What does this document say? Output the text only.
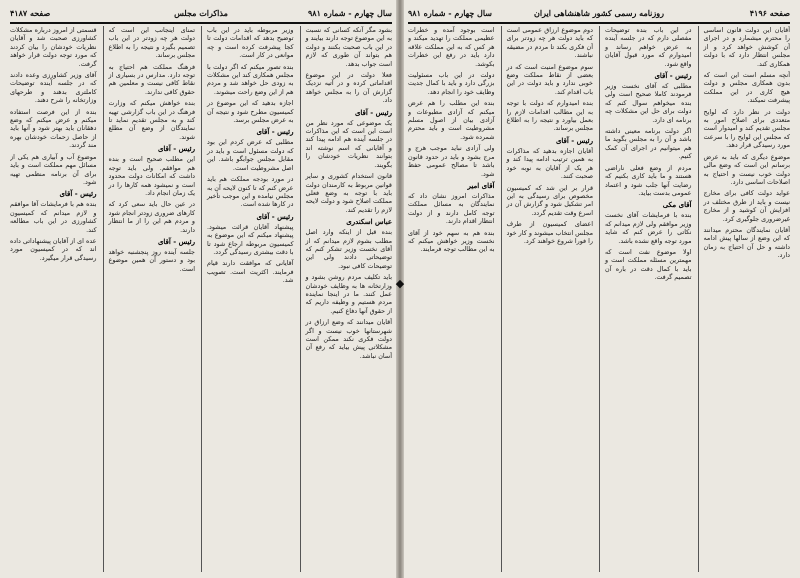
صفحه ۴۱۸۷	مذاکرات مجلس	سال چهارم - شماره ۹۸۱

بشود مگر آنکه کسانی که نسبت به این موضوع توجه دارند بیایند و در این باب صحبت بکنند و دولت هم بتواند آن طوری که لازم است جواب بدهد.

فعلا دولت در این موضوع اقداماتی کرده و در آتیه نزدیک گزارش آن را به مجلس خواهد داد.

رئیس - آقای

یک موضوعی که مورد نظر من است این است که این مذاکرات در جلسه آینده هم ادامه پیدا کند و آقایانی که اسم نوشته اند بتوانند نظریات خودشان را بگویند.

قانون استخدام کشوری و سایر قوانین مربوط به کارمندان دولت باید با توجه به وضع فعلی مملکت اصلاح شود و دولت لایحه لازم را تقدیم کند.

عباس اسکندری

بنده قبل از اینکه وارد اصل مطلب بشوم لازم میدانم که از آقای نخست وزیر تشکر کنم که توضیحاتی دادند ولی این توضیحات کافی نبود.

باید تکلیف مردم روشن بشود و وزارتخانه ها به وظایف خودشان عمل کنند. ما در اینجا نماینده مردم هستیم و وظیفه داریم که از حقوق آنها دفاع کنیم.

آقایان میدانند که وضع ارزاق در شهرستانها خوب نیست و اگر دولت فکری نکند ممکن است مشکلاتی پیش بیاید که رفع آن آسان نباشد.

وزیر مربوطه باید در این باب توضیح بدهد که اقدامات دولت تا کجا پیشرفت کرده است و چه موانعی در کار است.

بنده تصور میکنم که اگر دولت با مجلس همکاری کند این مشکلات به زودی حل خواهد شد و مردم هم از این وضع راحت میشوند.

اجازه بدهید که این موضوع در کمیسیون مطرح شود و نتیجه آن به عرض مجلس برسد.

رئیس - آقای

مطلبی که عرض کردم این بود که دولت مسئول است و باید در مقابل مجلس جوابگو باشد. این اصل مشروطیت است.

در مورد بودجه مملکت هم باید عرض کنم که تا کنون لایحه آن به مجلس نیامده و این موجب تأخیر در کارها شده است.

رئیس - آقای

پیشنهاد آقایان قرائت میشود. پیشنهاد میکنم که این موضوع به کمیسیون مربوطه ارجاع شود تا با دقت بیشتری رسیدگی گردد.

آقایانی که موافقت دارند قیام فرمایند. اکثریت است. تصویب شد.

تمنای اینجانب این است که دولت هر چه زودتر در این باب تصمیم بگیرد و نتیجه را به اطلاع مجلس برساند.

فرهنگ مملکت هم احتیاج به توجه دارد. مدارس در بسیاری از نقاط کافی نیست و معلمین هم حقوق کافی ندارند.

بنده خواهش میکنم که وزارت فرهنگ در این باب گزارشی تهیه کند و به مجلس تقدیم نماید تا نمایندگان از وضع آن مطلع شوند.

رئیس - آقای

این مطلب صحیح است و بنده هم موافقم. ولی باید توجه داشت که امکانات دولت محدود است و نمیشود همه کارها را در یک زمان انجام داد.

در عین حال باید سعی کرد که کارهای ضروری زودتر انجام شود و مردم هم این را از ما انتظار دارند.

رئیس - آقای

جلسه آینده روز پنجشنبه خواهد بود و دستور آن همین موضوع است.

قسمتی از امروز درباره مشکلات کشاورزی صحبت شد و آقایان نظریات خودشان را بیان کردند که مورد توجه دولت قرار خواهد گرفت.

آقای وزیر کشاورزی وعده دادند که در جلسه آینده توضیحات کاملتری بدهند و طرحهای وزارتخانه را شرح دهند.

بنده از این فرصت استفاده میکنم و عرض میکنم که وضع دهقانان باید بهتر شود و آنها باید از حاصل زحمات خودشان بهره مند گردند.

موضوع آب و آبیاری هم یکی از مسائل مهم مملکت است و باید برای آن برنامه منظمی تهیه شود.

رئیس - آقای

بنده هم با فرمایشات آقا موافقم و لازم میدانم که کمیسیون کشاورزی در این باب مطالعه کند.

عده ای از آقایان پیشنهاداتی داده اند که در کمیسیون مورد رسیدگی قرار میگیرد.

صفحه ۴۱۹۶
روزنامه رسمی کشور شاهنشاهی ایران
سال چهارم - شماره ۹۸۱

آقایان این دولت قانون اساسی را محترم میشمارد و در اجرای آن کوشش خواهد کرد و از مجلس انتظار دارد که با دولت همکاری کند.

آنچه مسلم است این است که بدون همکاری مجلس و دولت هیچ کاری در این مملکت پیشرفت نمیکند.

دولت در نظر دارد که لوایح متعددی برای اصلاح امور به مجلس تقدیم کند و امیدوار است که مجلس این لوایح را با سرعت مورد رسیدگی قرار دهد.

موضوع دیگری که باید به عرض برسانم این است که وضع مالی دولت خوب نیست و احتیاج به اصلاحات اساسی دارد.

عواید دولت کافی برای مخارج نیست و باید از طرق مختلف در افزایش آن کوشید و از مخارج غیرضروری جلوگیری کرد.

آقایان نمایندگان محترم میدانند که این وضع از سالها پیش ادامه داشته و حل آن احتیاج به زمان دارد.

در این باب بنده توضیحات مفصلی دارم که در جلسه آینده به عرض خواهم رساند و امیدوارم که مورد قبول آقایان واقع شود.

رئیس - آقای

مطلبی که آقای نخست وزیر فرمودند کاملا صحیح است ولی بنده میخواهم سوال کنم که دولت برای حل این مشکلات چه برنامه ای دارد.

اگر دولت برنامه معینی داشته باشد و آن را به مجلس بگوید ما هم میتوانیم در اجرای آن کمک کنیم.

مردم از وضع فعلی ناراضی هستند و ما باید کاری بکنیم که رضایت آنها جلب شود و اعتماد عمومی بدست بیاید.

آقای مکی

بنده با فرمایشات آقای نخست وزیر موافقم ولی لازم میدانم که نکاتی را عرض کنم که شاید مورد توجه واقع نشده باشد.

اولا موضوع نفت است که مهمترین مسئله مملکت است و باید با کمال دقت در باره آن تصمیم گرفت.

دوم موضوع ارزاق عمومی است که باید دولت هر چه زودتر برای آن فکری بکند تا مردم در مضیقه نباشند.

سوم موضوع امنیت است که در بعضی از نقاط مملکت وضع خوبی ندارد و باید دولت در این باب اقدام کند.

بنده امیدوارم که دولت با توجه به این مطالب اقدامات لازم را بعمل بیاورد و نتیجه را به اطلاع مجلس برساند.

رئیس - آقای

آقایان اجازه بدهید که مذاکرات به همین ترتیب ادامه پیدا کند و هر یک از آقایان به نوبه خود صحبت کنند.

قرار بر این شد که کمیسیون مخصوص برای رسیدگی به این امر تشکیل شود و گزارش آن در اسرع وقت تقدیم گردد.

اعضای کمیسیون از طرف مجلس انتخاب میشوند و کار خود را فورا شروع خواهند کرد.

است بوجود آمده و خطرات عظیمی مملکت را تهدید میکند و هر کس که به این مملکت علاقه دارد باید در رفع این خطرات بکوشد.

دولت در این باب مسئولیت بزرگی دارد و باید با کمال جدیت وظایف خود را انجام دهد.

بنده این مطلب را هم عرض میکنم که آزادی مطبوعات و آزادی بیان از اصول مسلم مشروطیت است و باید محترم شمرده شود.

ولی آزادی نباید موجب هرج و مرج بشود و باید در حدود قانون باشد تا مصالح عمومی حفظ شود.

آقای امیر

مذاکرات امروز نشان داد که نمایندگان به مسائل مملکت توجه کامل دارند و از دولت انتظار اقدام دارند.

بنده هم به سهم خود از آقای نخست وزیر خواهش میکنم که به این مطالب توجه فرمایند.

◆
